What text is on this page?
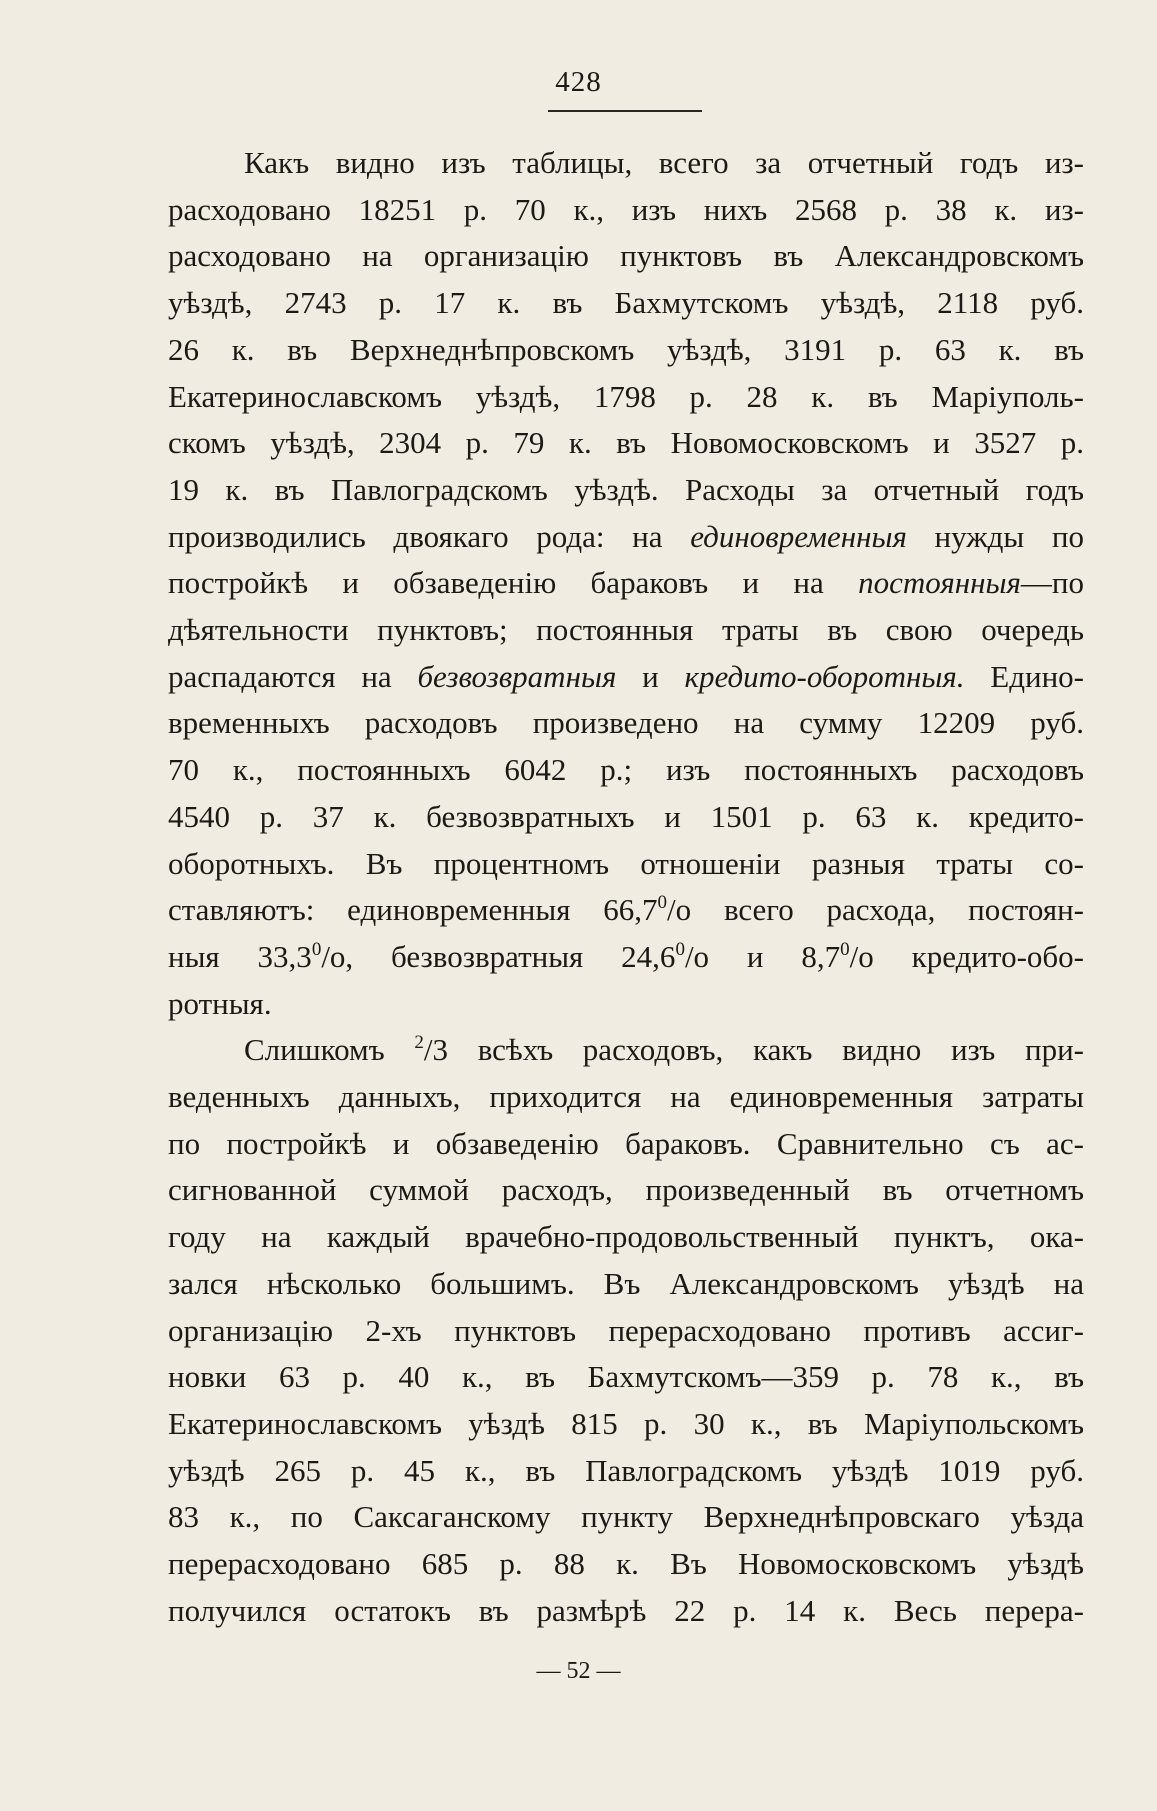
428
Какъ видно изъ таблицы, всего за отчетный годъ из-
расходовано 18251 р. 70 к., изъ нихъ 2568 р. 38 к. из-
расходовано на организацію пунктовъ въ Александровскомъ
уѣздѣ, 2743 р. 17 к. въ Бахмутскомъ уѣздѣ, 2118 руб.
26 к. въ Верхнеднѣпровскомъ уѣздѣ, 3191 р. 63 к. въ
Екатеринославскомъ уѣздѣ, 1798 р. 28 к. въ Маріуполь-
скомъ уѣздѣ, 2304 р. 79 к. въ Новомосковскомъ и 3527 р.
19 к. въ Павлоградскомъ уѣздѣ. Расходы за отчетный годъ
производились двоякаго рода: на единовременныя нужды по
постройкѣ и обзаведенію бараковъ и на постоянныя—по
дѣятельности пунктовъ; постоянныя траты въ свою очередь
распадаются на безвозвратныя и кредито-оборотныя. Едино-
временныхъ расходовъ произведено на сумму 12209 руб.
70 к., постоянныхъ 6042 р.; изъ постоянныхъ расходовъ
4540 р. 37 к. безвозвратныхъ и 1501 р. 63 к. кредито-
оборотныхъ. Въ процентномъ отношеніи разныя траты со-
ставляютъ: единовременныя 66,7$^0$/o всего расхода, постоян-
ныя 33,3$^0$/o, безвозвратныя 24,6$^0$/o и $8,7^0/o$ кредито-обо-
ротныя.
Слишкомъ $^2$/3 всѣхъ расходовъ, какъ видно изъ при-
веденныхъ данныхъ, приходится на единовременныя затраты
по постройкѣ и обзаведенію бараковъ. Сравнительно съ ас-
сигнованной суммой расходъ, произведенный въ отчетномъ
году на каждый врачебно-продовольственный пунктъ, ока-
зался нѣсколько большимъ. Въ Александровскомъ уѣздѣ на
организацію 2-хъ пунктовъ перерасходовано противъ ассиг-
новки 63 р. 40 к., въ Бахмутскомъ—359 р. 78 к., въ
Екатеринославскомъ уѣздѣ 815 р. 30 к., въ Маріупольскомъ
уѣздѣ 265 р. 45 к., въ Павлоградскомъ уѣздѣ 1019 руб.
83 к., по Саксаганскому пункту Верхнеднѣпровскаго уѣзда
перерасходовано 685 р. 88 к. Въ Новомосковскомъ уѣздѣ
получился остатокъ въ размѣрѣ 22 р. 14 к. Весь перера-
— 52 —
